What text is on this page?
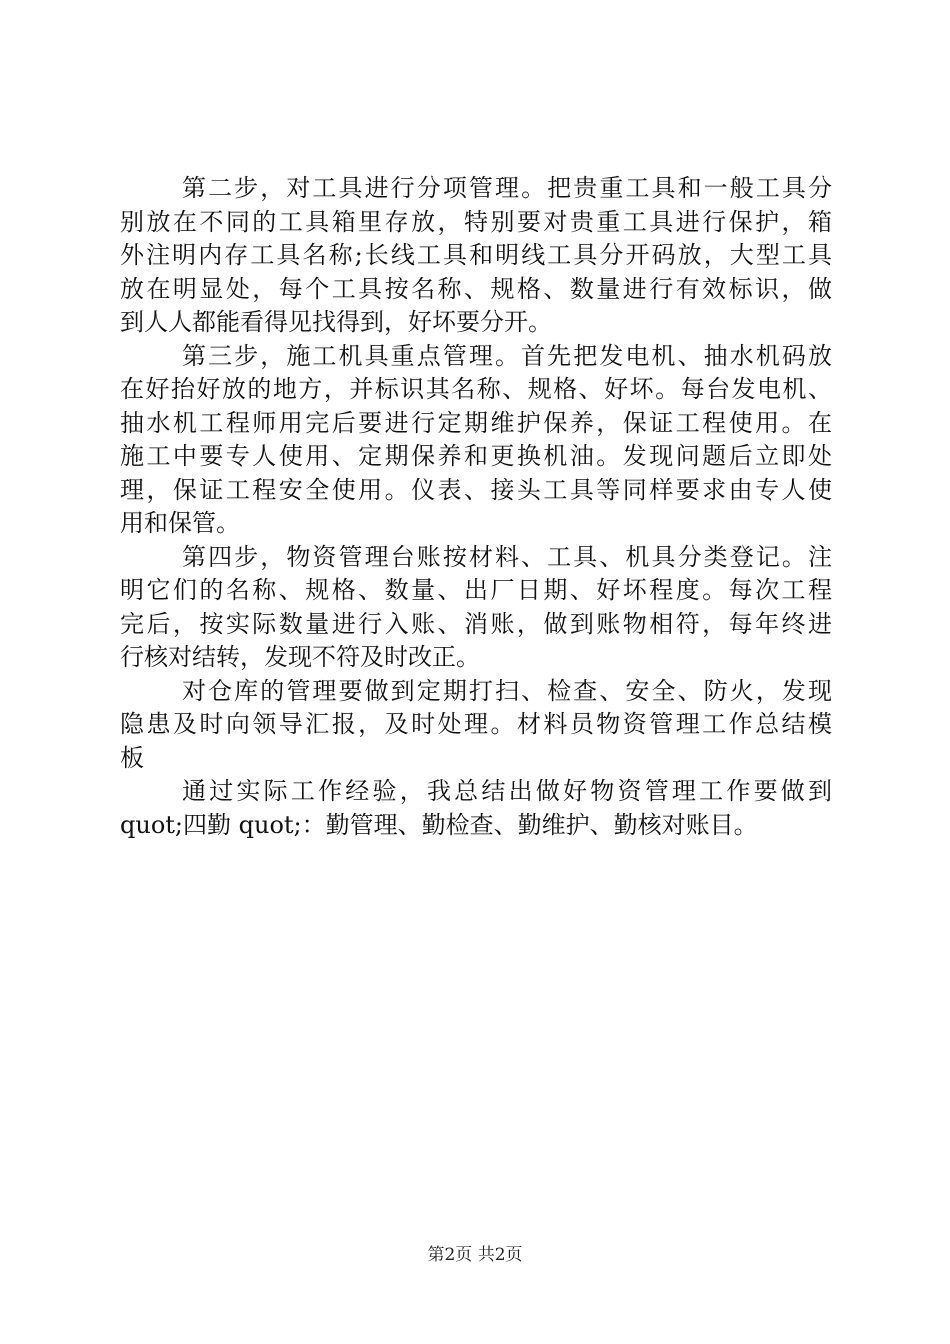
第二步，对工具进行分项管理。把贵重工具和一般工具分
别放在不同的工具箱里存放，特别要对贵重工具进行保护，箱
外注明内存工具名称;长线工具和明线工具分开码放，大型工具
放在明显处，每个工具按名称、规格、数量进行有效标识，做
到人人都能看得见找得到，好坏要分开。
第三步，施工机具重点管理。首先把发电机、抽水机码放
在好抬好放的地方，并标识其名称、规格、好坏。每台发电机、
抽水机工程师用完后要进行定期维护保养，保证工程使用。在
施工中要专人使用、定期保养和更换机油。发现问题后立即处
理，保证工程安全使用。仪表、接头工具等同样要求由专人使
用和保管。
第四步，物资管理台账按材料、工具、机具分类登记。注
明它们的名称、规格、数量、出厂日期、好坏程度。每次工程
完后，按实际数量进行入账、消账，做到账物相符，每年终进
行核对结转，发现不符及时改正。
对仓库的管理要做到定期打扫、检查、安全、防火，发现
隐患及时向领导汇报，及时处理。材料员物资管理工作总结模
板
通过实际工作经验，我总结出做好物资管理工作要做到
quot;四勤 quot;：勤管理、勤检查、勤维护、勤核对账目。
第2页 共2页
